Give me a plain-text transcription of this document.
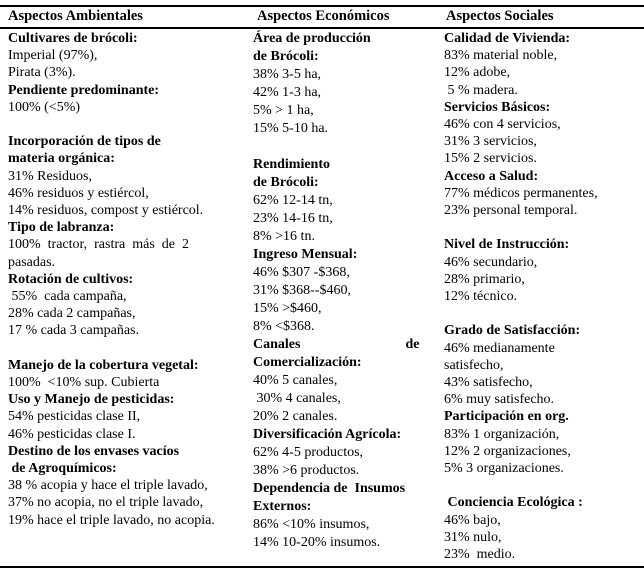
Aspectos Ambientales	Aspectos Económicos	Aspectos Sociales
Cultivares de brócoli:
Imperial (97%),
Pirata (3%).
Pendiente predominante:
100% (<5%)
Incorporación de tipos de
materia orgánica:
31% Residuos,
46% residuos y estiércol,
14% residuos, compost y estiércol.
Tipo de labranza:
100%  tractor,  rastra  más  de  2
pasadas.
Rotación de cultivos:
55%  cada campaña,
28% cada 2 campañas,
17 % cada 3 campañas.
Manejo de la cobertura vegetal:
100%  <10% sup. Cubierta
Uso y Manejo de pesticidas:
54% pesticidas clase II,
46% pesticidas clase I.
Destino de los envases vacíos
de Agroquímicos:
38 % acopia y hace el triple lavado,
37% no acopia, no el triple lavado,
19% hace el triple lavado, no acopia.
Área de producción
de Brócoli:
38% 3-5 ha,
42% 1-3 ha,
5% > 1 ha,
15% 5-10 ha.
Rendimiento
de Brócoli:
62% 12-14 tn,
23% 14-16 tn,
8% >16 tn.
Ingreso Mensual:
46% $307 -$368,
31% $368--$460,
15% >$460,
8% <$368.
Canales                              de
Comercialización:
40% 5 canales,
30% 4 canales,
20% 2 canales.
Diversificación Agrícola:
62% 4-5 productos,
38% >6 productos.
Dependencia de  Insumos
Externos:
86% <10% insumos,
14% 10-20% insumos.
Calidad de Vivienda:
83% material noble,
12% adobe,
5 % madera.
Servicios Básicos:
46% con 4 servicios,
31% 3 servicios,
15% 2 servicios.
Acceso a Salud:
77% médicos permanentes,
23% personal temporal.
Nivel de Instrucción:
46% secundario,
28% primario,
12% técnico.
Grado de Satisfacción:
46% medianamente
satisfecho,
43% satisfecho,
6% muy satisfecho.
Participación en org.
83% 1 organización,
12% 2 organizaciones,
5% 3 organizaciones.
Conciencia Ecológica :
46% bajo,
31% nulo,
23%  medio.
